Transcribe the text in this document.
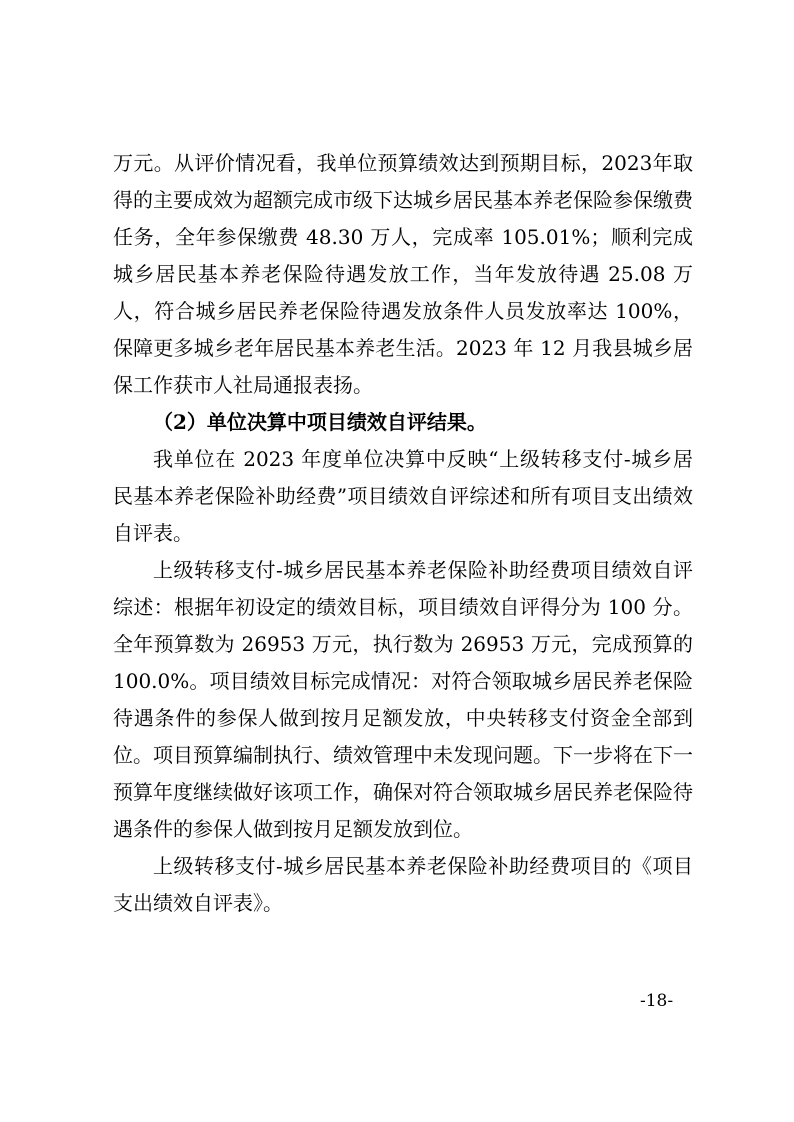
万元。从评价情况看，我单位预算绩效达到预期目标，2023年取得的主要成效为超额完成市级下达城乡居民基本养老保险参保缴费任务，全年参保缴费 48.30 万人，完成率 105.01%；顺利完成城乡居民基本养老保险待遇发放工作，当年发放待遇 25.08 万人，符合城乡居民养老保险待遇发放条件人员发放率达 100%，保障更多城乡老年居民基本养老生活。2023 年 12 月我县城乡居保工作获市人社局通报表扬。

（2）单位决算中项目绩效自评结果。

我单位在 2023 年度单位决算中反映“上级转移支付-城乡居民基本养老保险补助经费”项目绩效自评综述和所有项目支出绩效自评表。

上级转移支付-城乡居民基本养老保险补助经费项目绩效自评综述：根据年初设定的绩效目标，项目绩效自评得分为 100 分。全年预算数为 26953 万元，执行数为 26953 万元，完成预算的 100.0%。项目绩效目标完成情况：对符合领取城乡居民养老保险待遇条件的参保人做到按月足额发放，中央转移支付资金全部到位。项目预算编制执行、绩效管理中未发现问题。下一步将在下一预算年度继续做好该项工作，确保对符合领取城乡居民养老保险待遇条件的参保人做到按月足额发放到位。

上级转移支付-城乡居民基本养老保险补助经费项目的《项目支出绩效自评表》。

-18-
